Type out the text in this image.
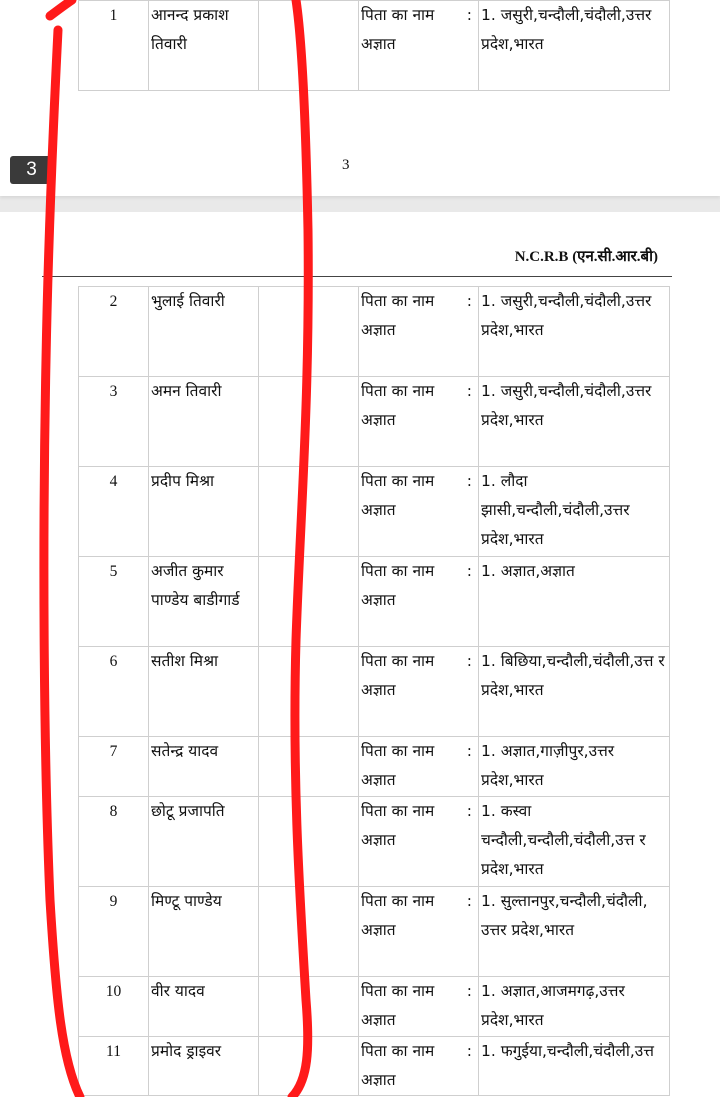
3	3
1	आनन्द प्रकाश तिवारी		
पिता का नाम :
अज्ञात
	1. जसुरी,चन्दौली,चंदौली,उत्तर प्रदेश,भारत
N.C.R.B (एन.सी.आर.बी)
2	भुलाई तिवारी		पिता का नाम :
अज्ञात	1. जसुरी,चन्दौली,चंदौली,उत्तर प्रदेश,भारत
3	अमन तिवारी		पिता का नाम :
अज्ञात	1. जसुरी,चन्दौली,चंदौली,उत्तर प्रदेश,भारत
4	प्रदीप मिश्रा		पिता का नाम :
अज्ञात	1. लौदा झासी,चन्दौली,चंदौली,उत्तर प्रदेश,भारत
5	अजीत कुमार पाण्डेय बाडीगार्ड		पिता का नाम :
अज्ञात	1. अज्ञात,अज्ञात
6	सतीश मिश्रा		पिता का नाम :
अज्ञात	1. बिछिया,चन्दौली,चंदौली,उत्त र प्रदेश,भारत
7	सतेन्द्र यादव		पिता का नाम :
अज्ञात	1. अज्ञात,गाज़ीपुर,उत्तर प्रदेश,भारत
8	छोटू प्रजापति		पिता का नाम :
अज्ञात	1. कस्वा चन्दौली,चन्दौली,चंदौली,उत्त र प्रदेश,भारत
9	मिण्टू पाण्डेय		पिता का नाम :
अज्ञात	1. सुल्तानपुर,चन्दौली,चंदौली, उत्तर प्रदेश,भारत
10	वीर यादव		पिता का नाम :
अज्ञात	1. अज्ञात,आजमगढ़,उत्तर प्रदेश,भारत
11	प्रमोद ड्राइवर		पिता का नाम :
अज्ञात	1. फगुईया,चन्दौली,चंदौली,उत्त
